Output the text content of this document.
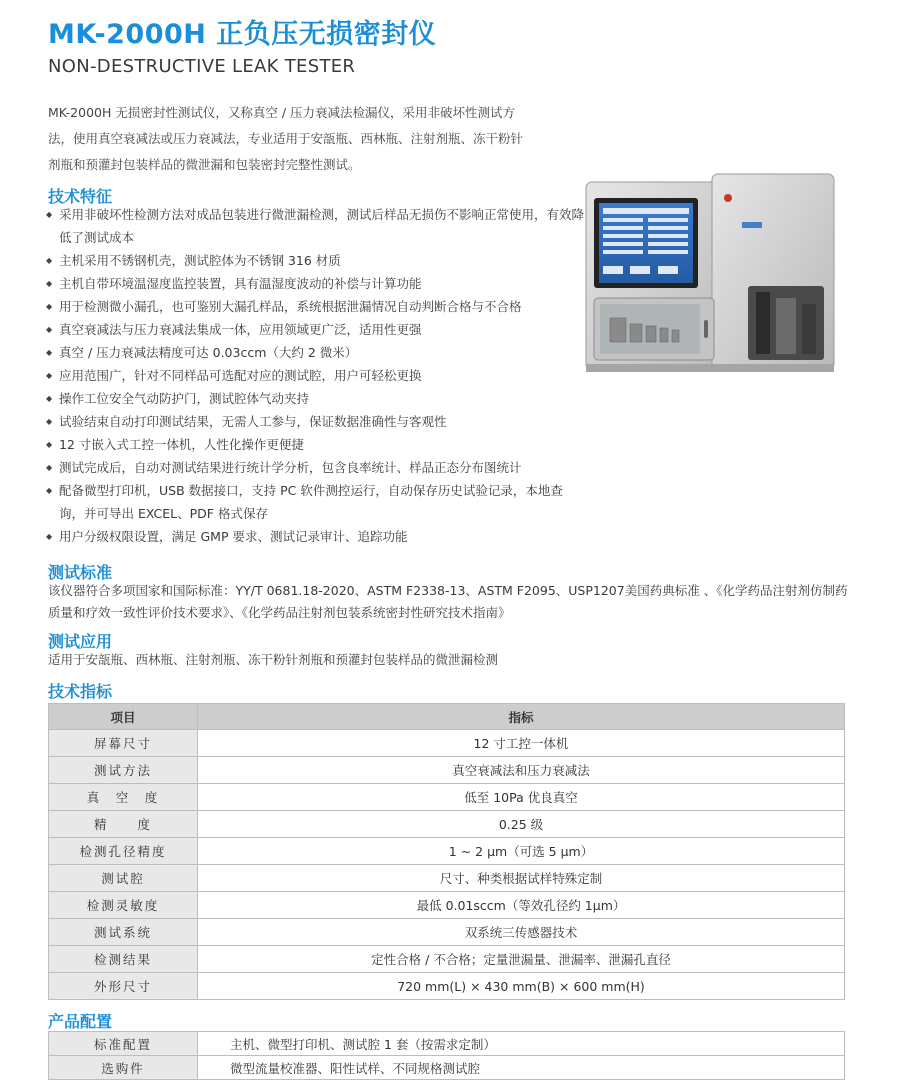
MK-2000H 正负压无损密封仪

NON-DESTRUCTIVE LEAK TESTER

MK-2000H 无损密封性测试仪，又称真空 / 压力衰减法检漏仪，采用非破坏性测试方法，使用真空衰减法或压力衰减法，专业适用于安瓿瓶、西林瓶、注射剂瓶、冻干粉针剂瓶和预灌封包装样品的微泄漏和包装密封完整性测试。

技术特征
◆ 采用非破坏性检测方法对成品包装进行微泄漏检测，测试后样品无损伤不影响正常使用，有效降低了测试成本
◆ 主机采用不锈钢机壳，测试腔体为不锈钢 316 材质
◆ 主机自带环境温湿度监控装置，具有温湿度波动的补偿与计算功能
◆ 用于检测微小漏孔，也可鉴别大漏孔样品，系统根据泄漏情况自动判断合格与不合格
◆ 真空衰减法与压力衰减法集成一体，应用领域更广泛，适用性更强
◆ 真空 / 压力衰减法精度可达 0.03ccm（大约 2 微米）
◆ 应用范围广，针对不同样品可选配对应的测试腔，用户可轻松更换
◆ 操作工位安全气动防护门，测试腔体气动夹持
◆ 试验结束自动打印测试结果，无需人工参与，保证数据准确性与客观性
◆ 12 寸嵌入式工控一体机，人性化操作更便捷
◆ 测试完成后，自动对测试结果进行统计学分析，包含良率统计、样品正态分布图统计
◆ 配备微型打印机，USB 数据接口，支持 PC 软件测控运行，自动保存历史试验记录，本地查询，并可导出 EXCEL、PDF 格式保存
◆ 用户分级权限设置，满足 GMP 要求、测试记录审计、追踪功能
测试标准

该仪器符合多项国家和国际标准：YY/T 0681.18-2020、ASTM F2338-13、ASTM F2095、USP1207美国药典标准 、《化学药品注射剂仿制药质量和疗效一致性评价技术要求》、《化学药品注射剂包装系统密封性研究技术指南》

测试应用

适用于安瓿瓶、西林瓶、注射剂瓶、冻干粉针剂瓶和预灌封包装样品的微泄漏检测

技术指标
项目	指标
屏幕尺寸	12 寸工控一体机
测试方法	真空衰减法和压力衰减法
真　空　度	低至 10Pa 优良真空
精　　度	0.25 级
检测孔径精度	1 ~ 2 μm（可选 5 μm）
测试腔	尺寸、种类根据试样特殊定制
检测灵敏度	最低 0.01sccm（等效孔径约 1μm）
测试系统	双系统三传感器技术
检测结果	定性合格 / 不合格；定量泄漏量、泄漏率、泄漏孔直径
外形尺寸	720 mm(L) × 430 mm(B) × 600 mm(H)
产品配置
标准配置	主机、微型打印机、测试腔 1 套（按需求定制）
选购件	微型流量校准器、阳性试样、不同规格测试腔
